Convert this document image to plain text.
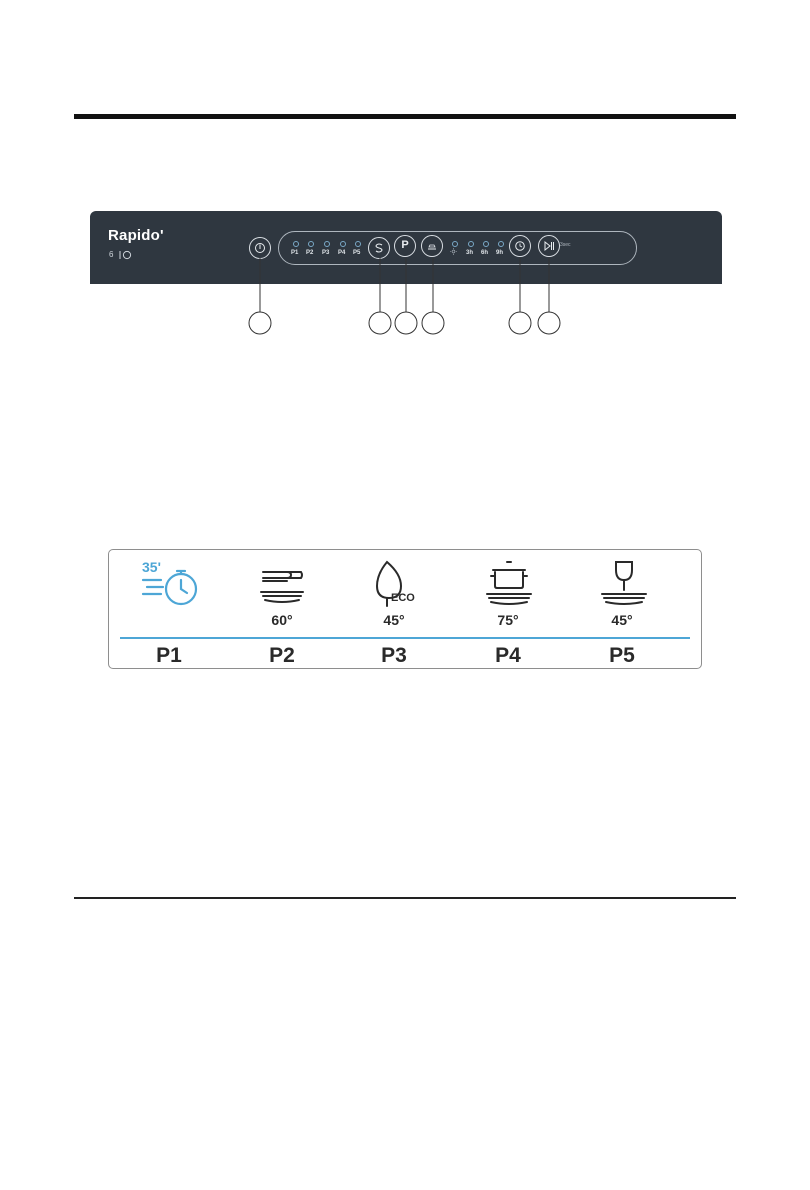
Rapido'
6	P1 P2 P3 P4 P5
P
3h 6h 9h
3sec
35'
P1
60°
P2
ECO
45°
P3
75°
P4
45°
P5
